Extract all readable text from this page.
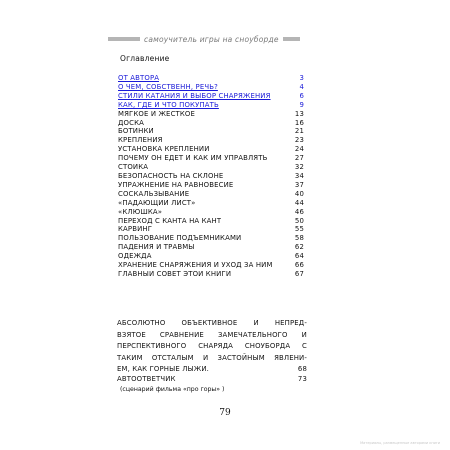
самоучитель игры на сноуборде
Оглавление
ОТ АВТОРА	3
О ЧЕМ, СОБСТВЕНН, РЕЧЬ?	4
СТИЛИ КАТАНИЯ И ВЫБОР СНАРЯЖЕНИЯ	6
КАК, ГДЕ И ЧТО ПОКУПАТЬ	9
МЯГКОЕ И ЖЕСТКОЕ	13
ДОСКА	16
БОТИНКИ	21
КРЕПЛЕНИЯ	23
УСТАНОВКА КРЕПЛЕНИЙ	24
ПОЧЕМУ ОН ЕДЕТ И КАК ИМ УПРАВЛЯТЬ	27
СТОЙКА	32
БЕЗОПАСНОСТЬ НА СКЛОНЕ	34
УПРАЖНЕНИЕ НА РАВНОВЕСИЕ	37
СОСКАЛЬЗЫВАНИЕ	40
«ПАДАЮЩИЙ ЛИСТ»	44
«КЛЮШКА»	46
ПЕРЕХОД С КАНТА НА КАНТ	50
КАРВИНГ	55
ПОЛЬЗОВАНИЕ ПОДЪЕМНИКАМИ	58
ПАДЕНИЯ И ТРАВМЫ	62
ОДЕЖДА	64
ХРАНЕНИЕ СНАРЯЖЕНИЯ И УХОД ЗА НИМ	66
ГЛАВНЫЙ СОВЕТ ЭТОЙ КНИГИ	67
АБСОЛЮТНО ОБЪЕКТИВНОЕ И НЕПРЕД-
ВЗЯТОЕ СРАВНЕНИЕ ЗАМЕЧАТЕЛЬНОГО И
ПЕРСПЕКТИВНОГО СНАРЯДА СНОУБОРДА С
ТАКИМ ОТСТАЛЫМ И ЗАСТОЙНЫМ ЯВЛЕНИ-
ЕМ, КАК ГОРНЫЕ ЛЫЖИ.	68
АВТООТВЕТЧИК	73
(сценарий фильма «про горы» )
79
Материалы, размещенные авторами книги
